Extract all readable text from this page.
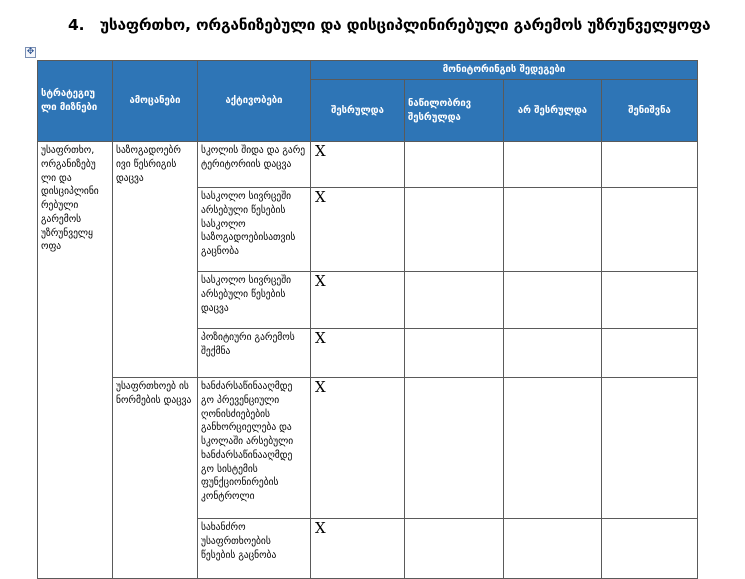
4. უსაფრთხო, ორგანიზებული და დისციპლინირებული გარემოს უზრუნველყოფა
✥
სტრატეგიუ ლი მიზნები	ამოცანები	აქტივობები	მონიტორინგის შედეგები			
			შესრულდა	ნაწილობრივ შესრულდა	არ შესრულდა	შენიშვნა
უსაფრთხო, ორგანიზებუ ლი და დისციპლინი რებული გარემოს უზრუნველყ ოფა	საზოგადოებრ ივი წესრიგის დაცვა	სკოლის შიდა და გარე ტერიტორიის დაცვა	X			
		სასკოლო სივრცეში არსებული წესების სასკოლო საზოგადოებისათვის გაცნობა	X			
		სასკოლო სივრცეში არსებული წესების დაცვა	X			
		პოზიტიური გარემოს შექმნა	X			
	უსაფრთხოებ ის ნორმების დაცვა	ხანძარსაწინააღმდე გო პრევენციული ღონისძიებების განხორციელება და სკოლაში არსებული ხანძარსაწინააღმდე გო სისტემის ფუნქციონირების კონტროლი	X			
		სახანძრო უსაფრთხოების წესების გაცნობა	X			
